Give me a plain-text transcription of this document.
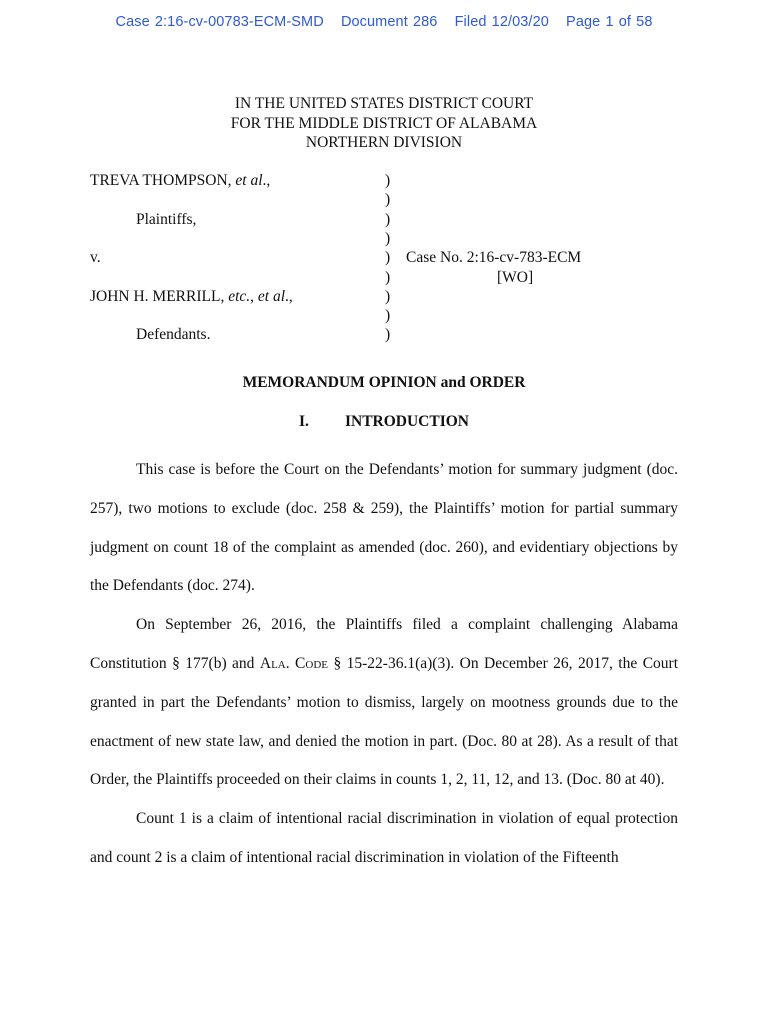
Case 2:16-cv-00783-ECM-SMD Document 286 Filed 12/03/20 Page 1 of 58
IN THE UNITED STATES DISTRICT COURT
FOR THE MIDDLE DISTRICT OF ALABAMA
NORTHERN DIVISION
TREVA THOMPSON, et al.,
Plaintiffs,
v.
JOHN H. MERRILL, etc., et al.,
Defendants.
)
)
)
)
)
)
)
)
)
Case No. 2:16-cv-783-ECM
[WO]
MEMORANDUM OPINION and ORDER
I. INTRODUCTION

This case is before the Court on the Defendants’ motion for summary judgment (doc. 257), two motions to exclude (doc. 258 & 259), the Plaintiffs’ motion for partial summary judgment on count 18 of the complaint as amended (doc. 260), and evidentiary objections by the Defendants (doc. 274).

On September 26, 2016, the Plaintiffs filed a complaint challenging Alabama Constitution § 177(b) and Ala. Code § 15-22-36.1(a)(3). On December 26, 2017, the Court granted in part the Defendants’ motion to dismiss, largely on mootness grounds due to the enactment of new state law, and denied the motion in part. (Doc. 80 at 28). As a result of that Order, the Plaintiffs proceeded on their claims in counts 1, 2, 11, 12, and 13. (Doc. 80 at 40).

Count 1 is a claim of intentional racial discrimination in violation of equal protection and count 2 is a claim of intentional racial discrimination in violation of the Fifteenth
